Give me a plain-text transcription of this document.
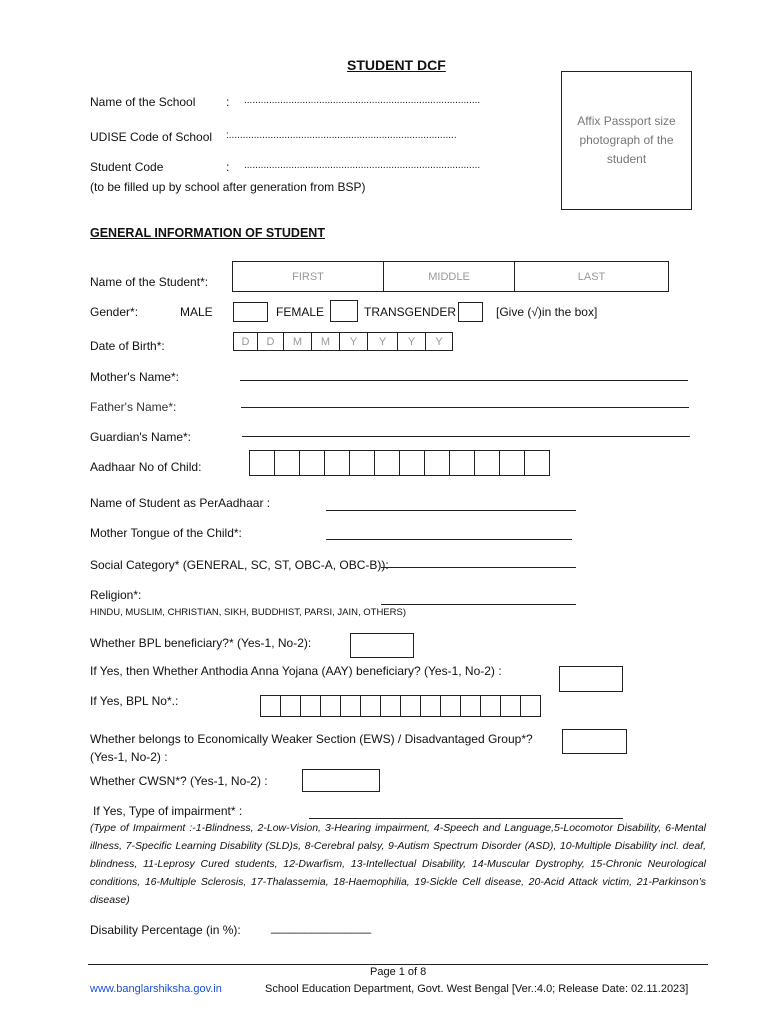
STUDENT DCF
Name of the School	: .....................................................................................
UDISE Code of School :..................................................................................
Student Code	: .....................................................................................
(to be filled up by school after generation from BSP)
Affix Passport size photograph of the student
GENERAL INFORMATION OF STUDENT
Name of the Student*:	FIRST	MIDDLE	LAST
Gender*:	MALE	FEMALE	TRANSGENDER	[Give (√)in the box]
Date of Birth*:	D	D	M	M	Y	Y	Y	Y
Mother's Name*:
Father's Name*:
Guardian's Name*:
Aadhaar No of Child:
Name of Student as PerAadhaar :
Mother Tongue of the Child*:
Social Category* (GENERAL, SC, ST, OBC-A, OBC-B)):
Religion*:
HINDU, MUSLIM, CHRISTIAN, SIKH, BUDDHIST, PARSI, JAIN, OTHERS)
Whether BPL beneficiary?* (Yes-1, No-2):
If Yes, then Whether Anthodia Anna Yojana (AAY) beneficiary? (Yes-1, No-2) :
If Yes, BPL No*.:
Whether belongs to Economically Weaker Section (EWS) / Disadvantaged Group*?
(Yes-1, No-2) :
Whether CWSN*? (Yes-1, No-2) :
If Yes, Type of impairment* :
(Type of Impairment :-1-Blindness, 2-Low-Vision, 3-Hearing impairment, 4-Speech and Language,5-Locomotor Disability, 6-Mental illness, 7-Specific Learning Disability (SLD)s, 8-Cerebral palsy, 9-Autism Spectrum Disorder (ASD), 10-Multiple Disability incl. deaf, blindness, 11-Leprosy Cured students, 12-Dwarfism, 13-Intellectual Disability, 14-Muscular Dystrophy, 15-Chronic Neurological conditions, 16-Multiple Sclerosis, 17-Thalassemia, 18-Haemophilia, 19-Sickle Cell disease, 20-Acid Attack victim, 21-Parkinson’s disease)
Disability Percentage (in %):	_______________
Page 1 of 8
www.banglarshiksha.gov.in	School Education Department, Govt. West Bengal [Ver.:4.0; Release Date: 02.11.2023]
